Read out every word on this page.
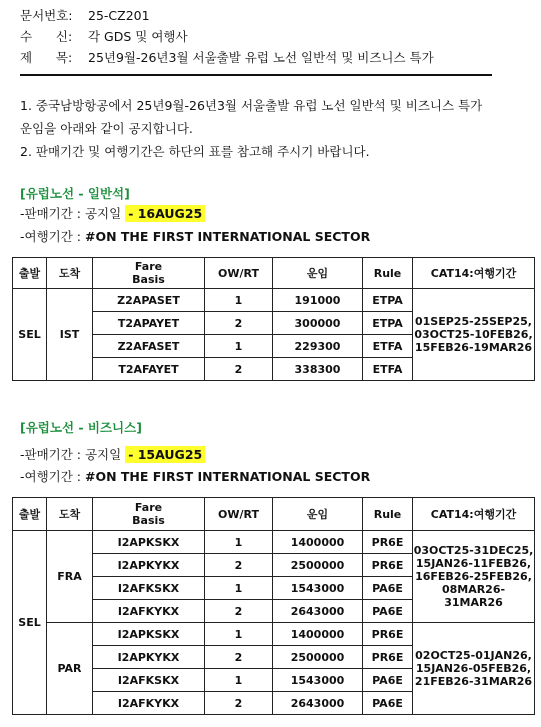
문서번호: 25-CZ201
수      신: 각 GDS 및 여행사
제      목: 25년9월-26년3월 서울출발 유럽 노선 일반석 및 비즈니스 특가
1. 중국남방항공에서 25년9월-26년3월 서울출발 유럽 노선 일반석 및 비즈니스 특가
운임을 아래와 같이 공지합니다.
2. 판매기간 및 여행기간은 하단의 표를 참고해 주시기 바랍니다.
[유럽노선 - 일반석]
-판매기간 : 공지일 - 16AUG25
-여행기간 : #ON THE FIRST INTERNATIONAL SECTOR
출발	도착	Fare Basis	OW/RT	운임	Rule	CAT14:여행기간
SEL	IST	Z2APASET	1	191000	ETPA	01SEP25-25SEP25,
03OCT25-10FEB26,
15FEB26-19MAR26

		T2APAYET	2	300000	ETPA	
		Z2AFASET	1	229300	ETFA	
		T2AFAYET	2	338300	ETFA	
[유럽노선 - 비즈니스]
-판매기간 : 공지일 - 15AUG25
-여행기간 : #ON THE FIRST INTERNATIONAL SECTOR
출발	도착	Fare Basis	OW/RT	운임	Rule	CAT14:여행기간
SEL	FRA	I2APKSKX	1	1400000	PR6E	03OCT25-31DEC25,
15JAN26-11FEB26,
16FEB26-25FEB26,
08MAR26-31MAR26

		I2APKYKX	2	2500000	PR6E	
		I2AFKSKX	1	1543000	PA6E	
		I2AFKYKX	2	2643000	PA6E	
	PAR	I2APKSKX	1	1400000	PR6E	02OCT25-01JAN26,
15JAN26-05FEB26,
21FEB26-31MAR26

		I2APKYKX	2	2500000	PR6E	
		I2AFKSKX	1	1543000	PA6E	
		I2AFKYKX	2	2643000	PA6E	
